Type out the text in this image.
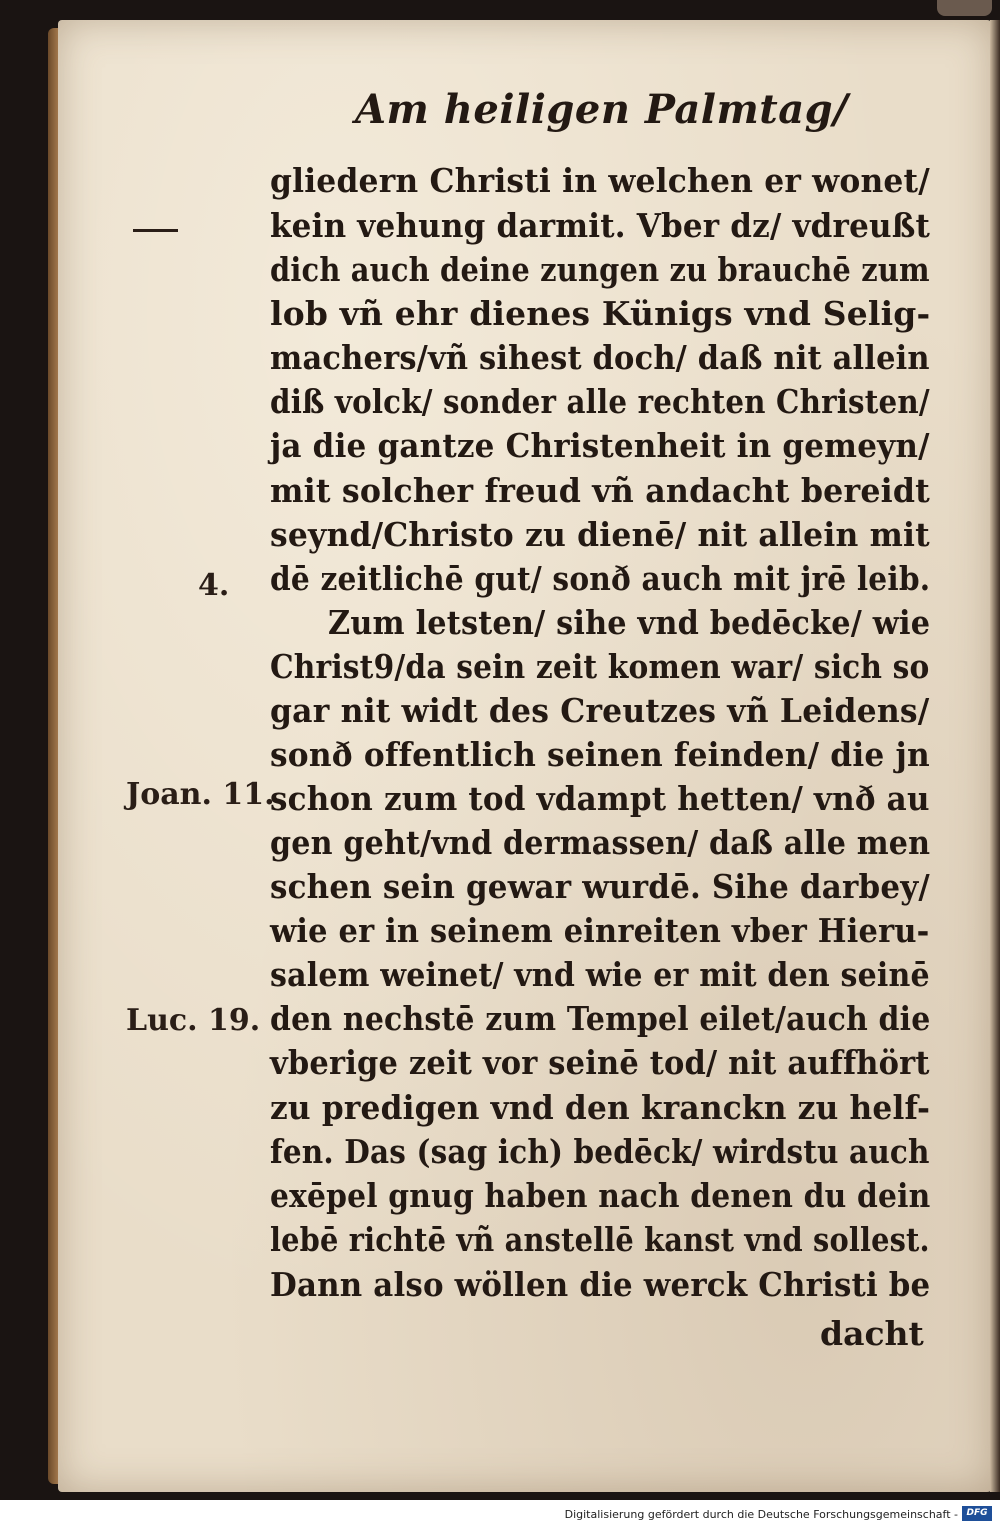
Am heiligen Palmtag/
4.
Joan. 11.
Luc. 19.
gliedern Christi in welchen er wonet/
kein vehung darmit. Vber dz/ vdreußt
dich auch deine zungen zu brauchē zum
lob vñ ehr dienes Künigs vnd Selig-
machers/vñ sihest doch/ daß nit allein
diß volck/ sonder alle rechten Christen/
ja die gantze Christenheit in gemeyn/
mit solcher freud vñ andacht bereidt
seynd/Christo zu dienē/ nit allein mit
dē zeitlichē gut/ sonð auch mit jrē leib.
Zum letsten/ sihe vnd bedēcke/ wie
Christ9/da sein zeit komen war/ sich so
gar nit widt des Creutzes vñ Leidens/
sonð offentlich seinen feinden/ die jn
schon zum tod vdampt hetten/ vnð au
gen geht/vnd dermassen/ daß alle men
schen sein gewar wurdē. Sihe darbey/
wie er in seinem einreiten vber Hieru-
salem weinet/ vnd wie er mit den seinē
den nechstē zum Tempel eilet/auch die
vberige zeit vor seinē tod/ nit auffhört
zu predigen vnd den kranckn zu helf-
fen. Das (sag ich) bedēck/ wirdstu auch
exēpel gnug haben nach denen du dein
lebē richtē vñ anstellē kanst vnd sollest.
Dann also wöllen die werck Christi be
dacht
Digitalisierung gefördert durch die Deutsche Forschungsgemeinschaft - DFG
